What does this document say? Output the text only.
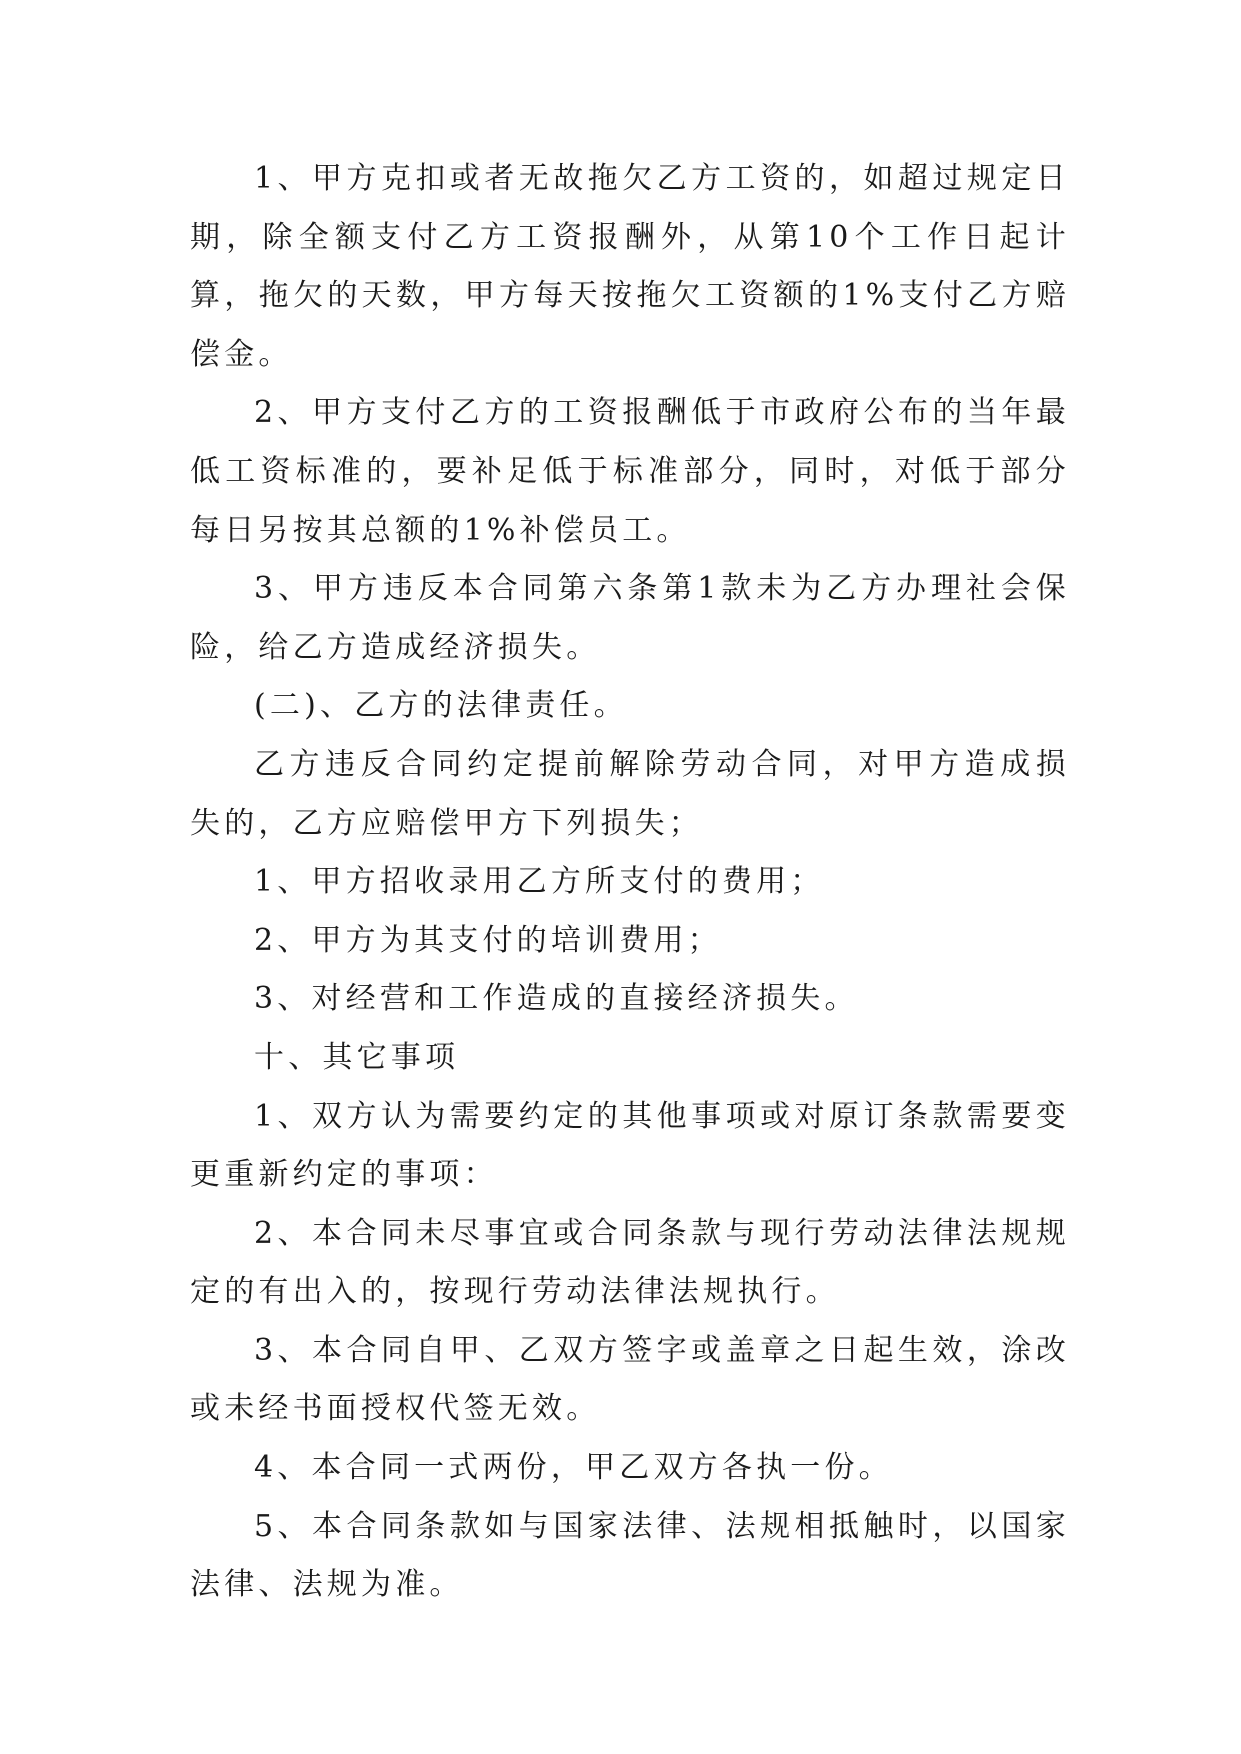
1、甲方克扣或者无故拖欠乙方工资的，如超过规定日期，除全额支付乙方工资报酬外，从第10个工作日起计算，拖欠的天数，甲方每天按拖欠工资额的1%支付乙方赔偿金。

2、甲方支付乙方的工资报酬低于市政府公布的当年最低工资标准的，要补足低于标准部分，同时，对低于部分每日另按其总额的1%补偿员工。

3、甲方违反本合同第六条第1款未为乙方办理社会保险，给乙方造成经济损失。

(二)、乙方的法律责任。

乙方违反合同约定提前解除劳动合同，对甲方造成损失的，乙方应赔偿甲方下列损失；

1、甲方招收录用乙方所支付的费用；

2、甲方为其支付的培训费用；

3、对经营和工作造成的直接经济损失。

十、其它事项

1、双方认为需要约定的其他事项或对原订条款需要变更重新约定的事项：

2、本合同未尽事宜或合同条款与现行劳动法律法规规定的有出入的，按现行劳动法律法规执行。

3、本合同自甲、乙双方签字或盖章之日起生效，涂改或未经书面授权代签无效。

4、本合同一式两份，甲乙双方各执一份。

5、本合同条款如与国家法律、法规相抵触时，以国家法律、法规为准。
